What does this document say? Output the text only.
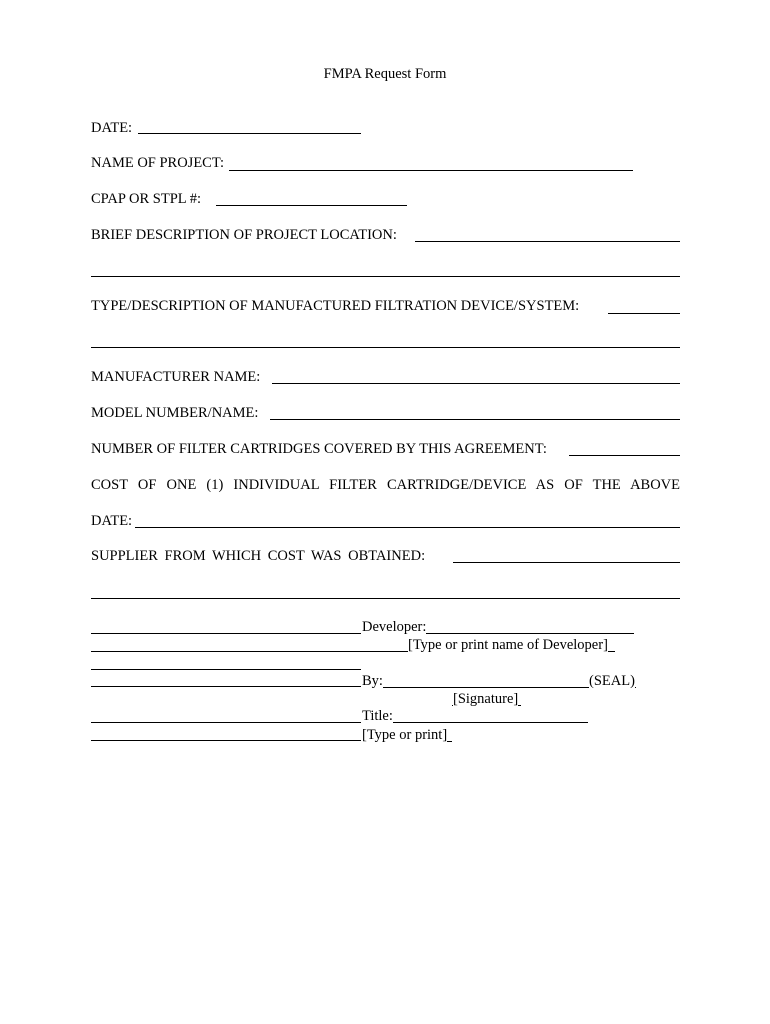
FMPA Request Form
DATE:
NAME OF PROJECT:
CPAP OR STPL #:
BRIEF DESCRIPTION OF PROJECT LOCATION:
TYPE/DESCRIPTION OF MANUFACTURED FILTRATION DEVICE/SYSTEM:
MANUFACTURER NAME:
MODEL NUMBER/NAME:
NUMBER OF FILTER CARTRIDGES COVERED BY THIS AGREEMENT:
COST OF ONE (1) INDIVIDUAL FILTER CARTRIDGE/DEVICE AS OF THE ABOVE
DATE:
SUPPLIER FROM WHICH COST WAS OBTAINED:
Developer:
[Type or print name of Developer]
By:	(SEAL)
[Signature]
Title:
[Type or print]
